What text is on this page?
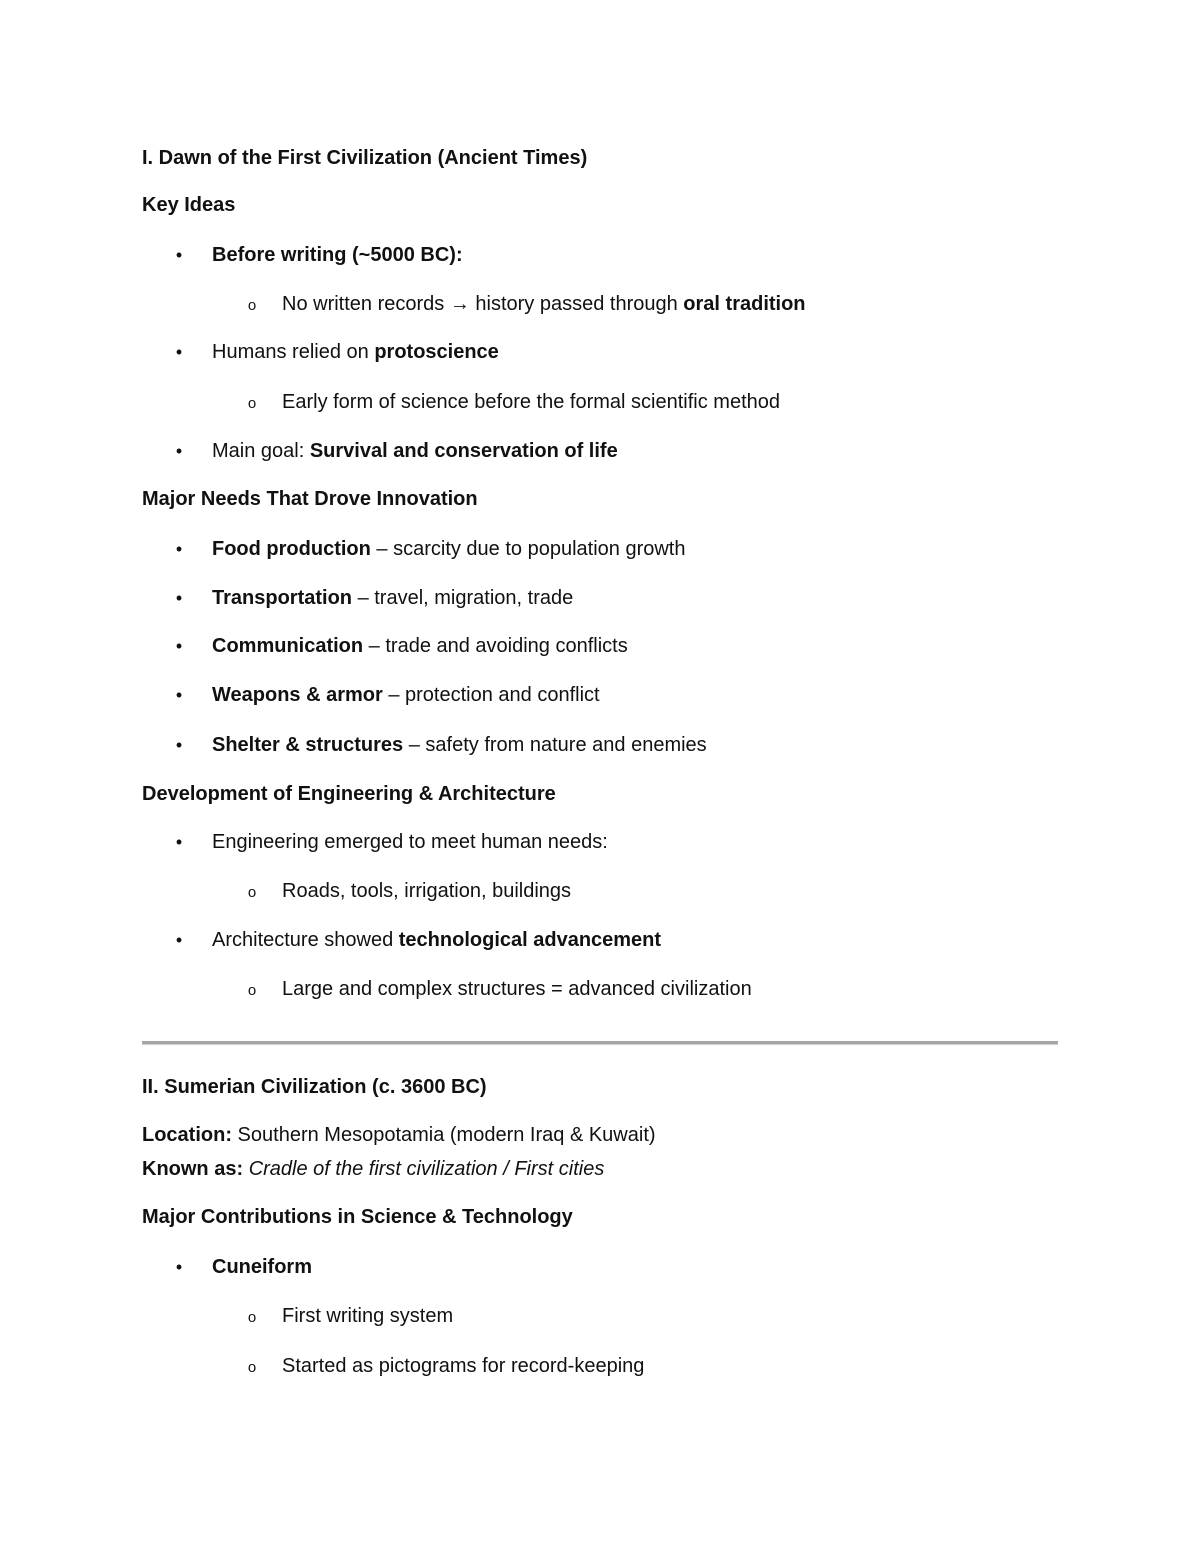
I. Dawn of the First Civilization (Ancient Times)
Key Ideas
• Before writing (~5000 BC):
o No written records → history passed through oral tradition
• Humans relied on protoscience
o Early form of science before the formal scientific method
• Main goal: Survival and conservation of life
Major Needs That Drove Innovation
• Food production – scarcity due to population growth
• Transportation – travel, migration, trade
• Communication – trade and avoiding conflicts
• Weapons & armor – protection and conflict
• Shelter & structures – safety from nature and enemies
Development of Engineering & Architecture
• Engineering emerged to meet human needs:
o Roads, tools, irrigation, buildings
• Architecture showed technological advancement
o Large and complex structures = advanced civilization
II. Sumerian Civilization (c. 3600 BC)
Location: Southern Mesopotamia (modern Iraq & Kuwait)
Known as: Cradle of the first civilization / First cities
Major Contributions in Science & Technology
• Cuneiform
o First writing system
o Started as pictograms for record-keeping
